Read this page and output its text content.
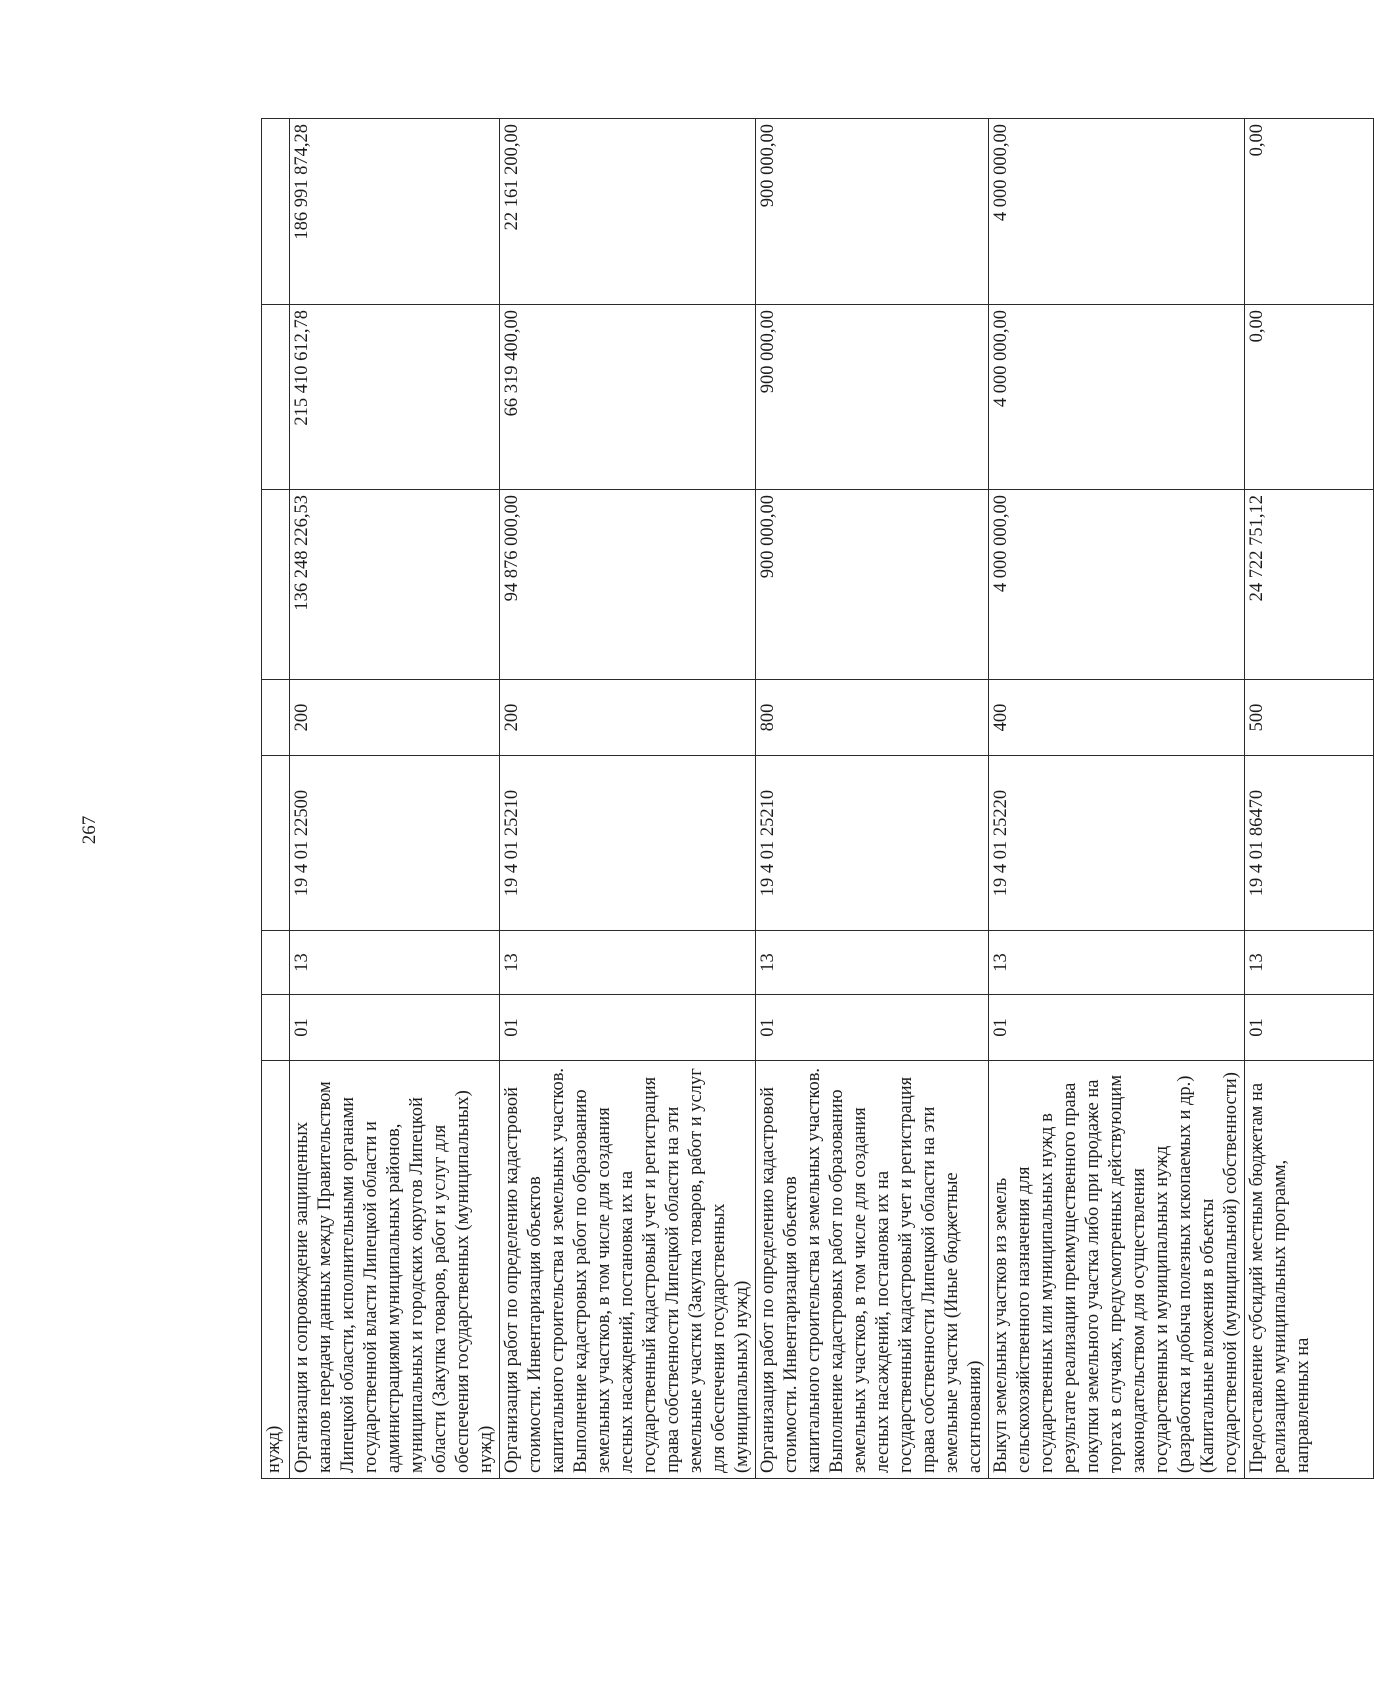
267
нужд)							
Организация и сопровождение защищенных каналов передачи данных между Правительством Липецкой области, исполнительными органами государственной власти Липецкой области и администрациями муниципальных районов, муниципальных и городских округов Липецкой области (Закупка товаров, работ и услуг для обеспечения государственных (муниципальных) нужд)	01	13	19 4 01 22500	200	136 248 226,53	215 410 612,78	186 991 874,28
Организация работ по определению кадастровой стоимости. Инвентаризация объектов капитального строительства и земельных участков. Выполнение кадастровых работ по образованию земельных участков, в том числе для создания лесных насаждений, постановка их на государственный кадастровый учет и регистрация права собственности Липецкой области на эти земельные участки (Закупка товаров, работ и услуг для обеспечения государственных (муниципальных) нужд)	01	13	19 4 01 25210	200	94 876 000,00	66 319 400,00	22 161 200,00
Организация работ по определению кадастровой стоимости. Инвентаризация объектов капитального строительства и земельных участков. Выполнение кадастровых работ по образованию земельных участков, в том числе для создания лесных насаждений, постановка их на государственный кадастровый учет и регистрация права собственности Липецкой области на эти земельные участки (Иные бюджетные ассигнования)	01	13	19 4 01 25210	800	900 000,00	900 000,00	900 000,00
Выкуп земельных участков из земель сельскохозяйственного назначения для государственных или муниципальных нужд в результате реализации преимущественного права покупки земельного участка либо при продаже на торгах в случаях, предусмотренных действующим законодательством для осуществления государственных и муниципальных нужд (разработка и добыча полезных ископаемых и др.) (Капитальные вложения в объекты государственной (муниципальной) собственности)	01	13	19 4 01 25220	400	4 000 000,00	4 000 000,00	4 000 000,00
Предоставление субсидий местным бюджетам на реализацию муниципальных программ, направленных на	01	13	19 4 01 86470	500	24 722 751,12	0,00	0,00
